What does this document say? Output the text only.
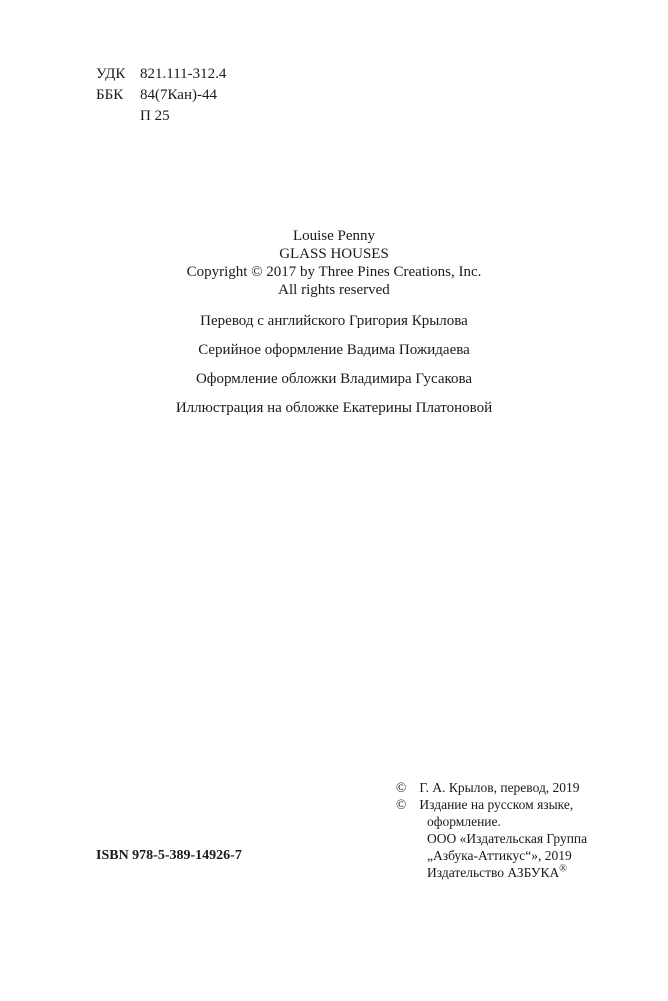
УДК 821.111-312.4
ББК 84(7Кан)-44
П 25
Louise Penny
GLASS HOUSES
Copyright © 2017 by Three Pines Creations, Inc.
All rights reserved
Перевод с английского Григория Крылова
Серийное оформление Вадима Пожидаева
Оформление обложки Владимира Гусакова
Иллюстрация на обложке Екатерины Платоновой
ISBN 978-5-389-14926-7
© Г. А. Крылов, перевод, 2019
© Издание на русском языке,
оформление.
ООО «Издательская Группа
„Азбука-Аттикус“», 2019
Издательство АЗБУКА®
